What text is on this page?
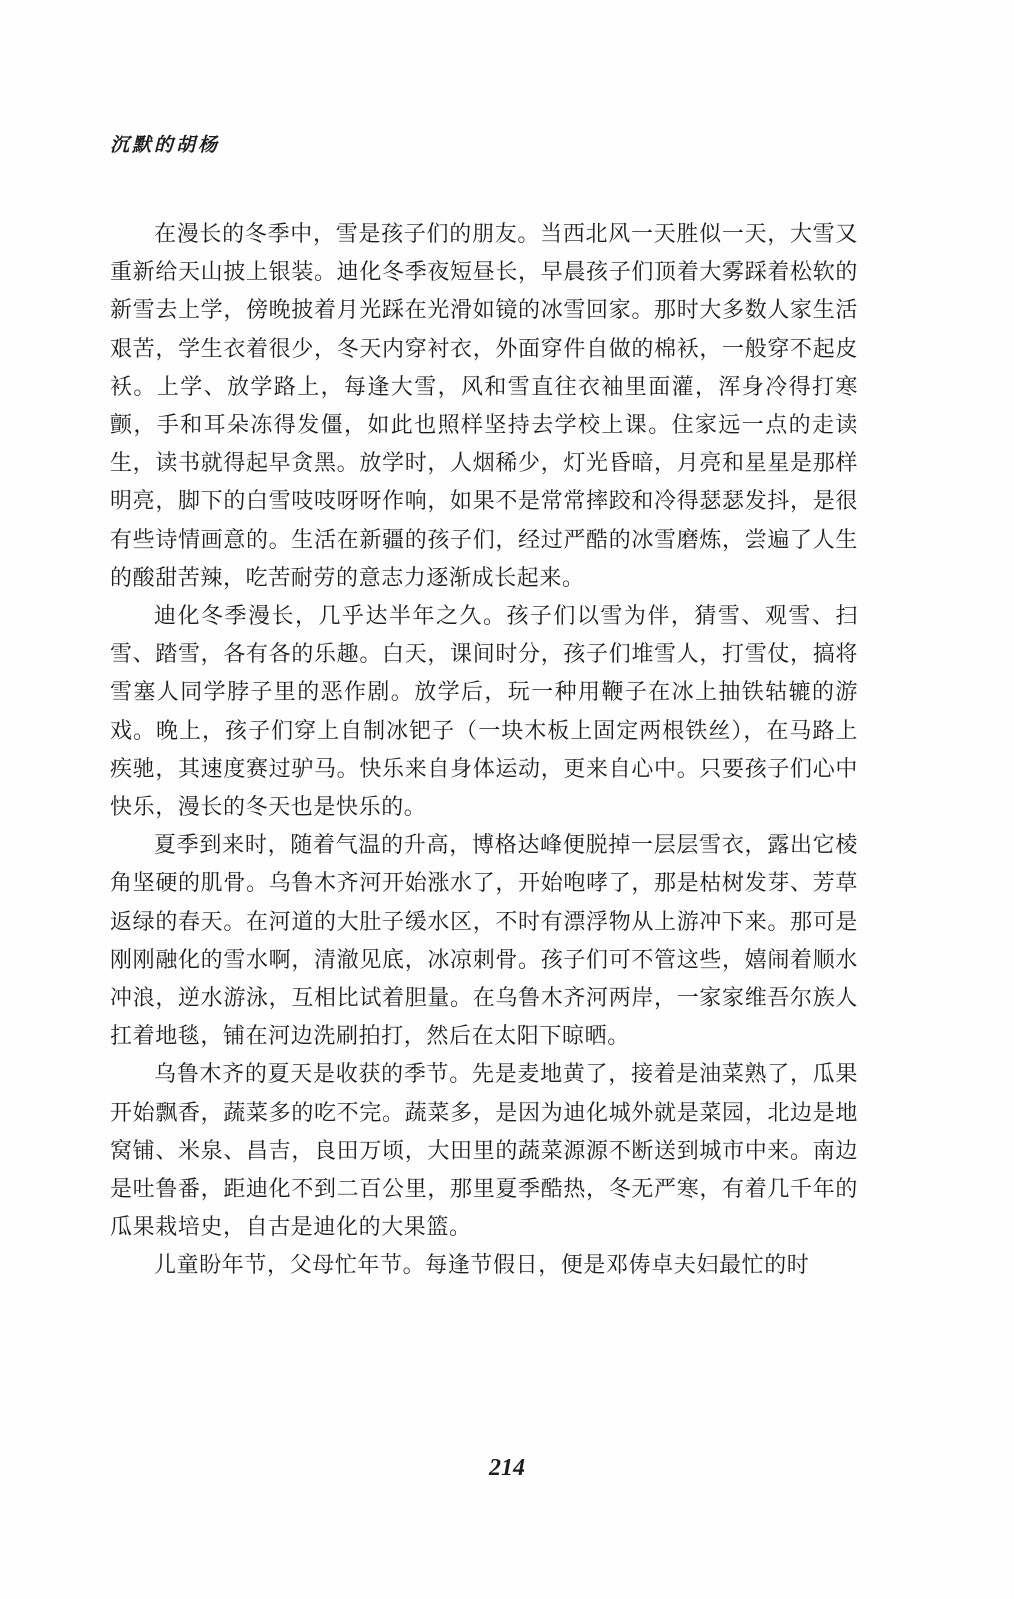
沉默的胡杨

在漫长的冬季中，雪是孩子们的朋友。当西北风一天胜似一天，大雪又重新给天山披上银装。迪化冬季夜短昼长，早晨孩子们顶着大雾踩着松软的新雪去上学，傍晚披着月光踩在光滑如镜的冰雪回家。那时大多数人家生活艰苦，学生衣着很少，冬天内穿衬衣，外面穿件自做的棉袄，一般穿不起皮袄。上学、放学路上，每逢大雪，风和雪直往衣袖里面灌，浑身冷得打寒颤，手和耳朵冻得发僵，如此也照样坚持去学校上课。住家远一点的走读生，读书就得起早贪黑。放学时，人烟稀少，灯光昏暗，月亮和星星是那样明亮，脚下的白雪吱吱呀呀作响，如果不是常常摔跤和冷得瑟瑟发抖，是很有些诗情画意的。生活在新疆的孩子们，经过严酷的冰雪磨炼，尝遍了人生的酸甜苦辣，吃苦耐劳的意志力逐渐成长起来。

迪化冬季漫长，几乎达半年之久。孩子们以雪为伴，猜雪、观雪、扫雪、踏雪，各有各的乐趣。白天，课间时分，孩子们堆雪人，打雪仗，搞将雪塞人同学脖子里的恶作剧。放学后，玩一种用鞭子在冰上抽铁轱辘的游戏。晚上，孩子们穿上自制冰钯子（一块木板上固定两根铁丝），在马路上疾驰，其速度赛过驴马。快乐来自身体运动，更来自心中。只要孩子们心中快乐，漫长的冬天也是快乐的。

夏季到来时，随着气温的升高，博格达峰便脱掉一层层雪衣，露出它棱角坚硬的肌骨。乌鲁木齐河开始涨水了，开始咆哮了，那是枯树发芽、芳草返绿的春天。在河道的大肚子缓水区，不时有漂浮物从上游冲下来。那可是刚刚融化的雪水啊，清澈见底，冰凉刺骨。孩子们可不管这些，嬉闹着顺水冲浪，逆水游泳，互相比试着胆量。在乌鲁木齐河两岸，一家家维吾尔族人扛着地毯，铺在河边洗刷拍打，然后在太阳下晾晒。

乌鲁木齐的夏天是收获的季节。先是麦地黄了，接着是油菜熟了，瓜果开始飘香，蔬菜多的吃不完。蔬菜多，是因为迪化城外就是菜园，北边是地窝铺、米泉、昌吉，良田万顷，大田里的蔬菜源源不断送到城市中来。南边是吐鲁番，距迪化不到二百公里，那里夏季酷热，冬无严寒，有着几千年的瓜果栽培史，自古是迪化的大果篮。

儿童盼年节，父母忙年节。每逢节假日，便是邓俦卓夫妇最忙的时

214
